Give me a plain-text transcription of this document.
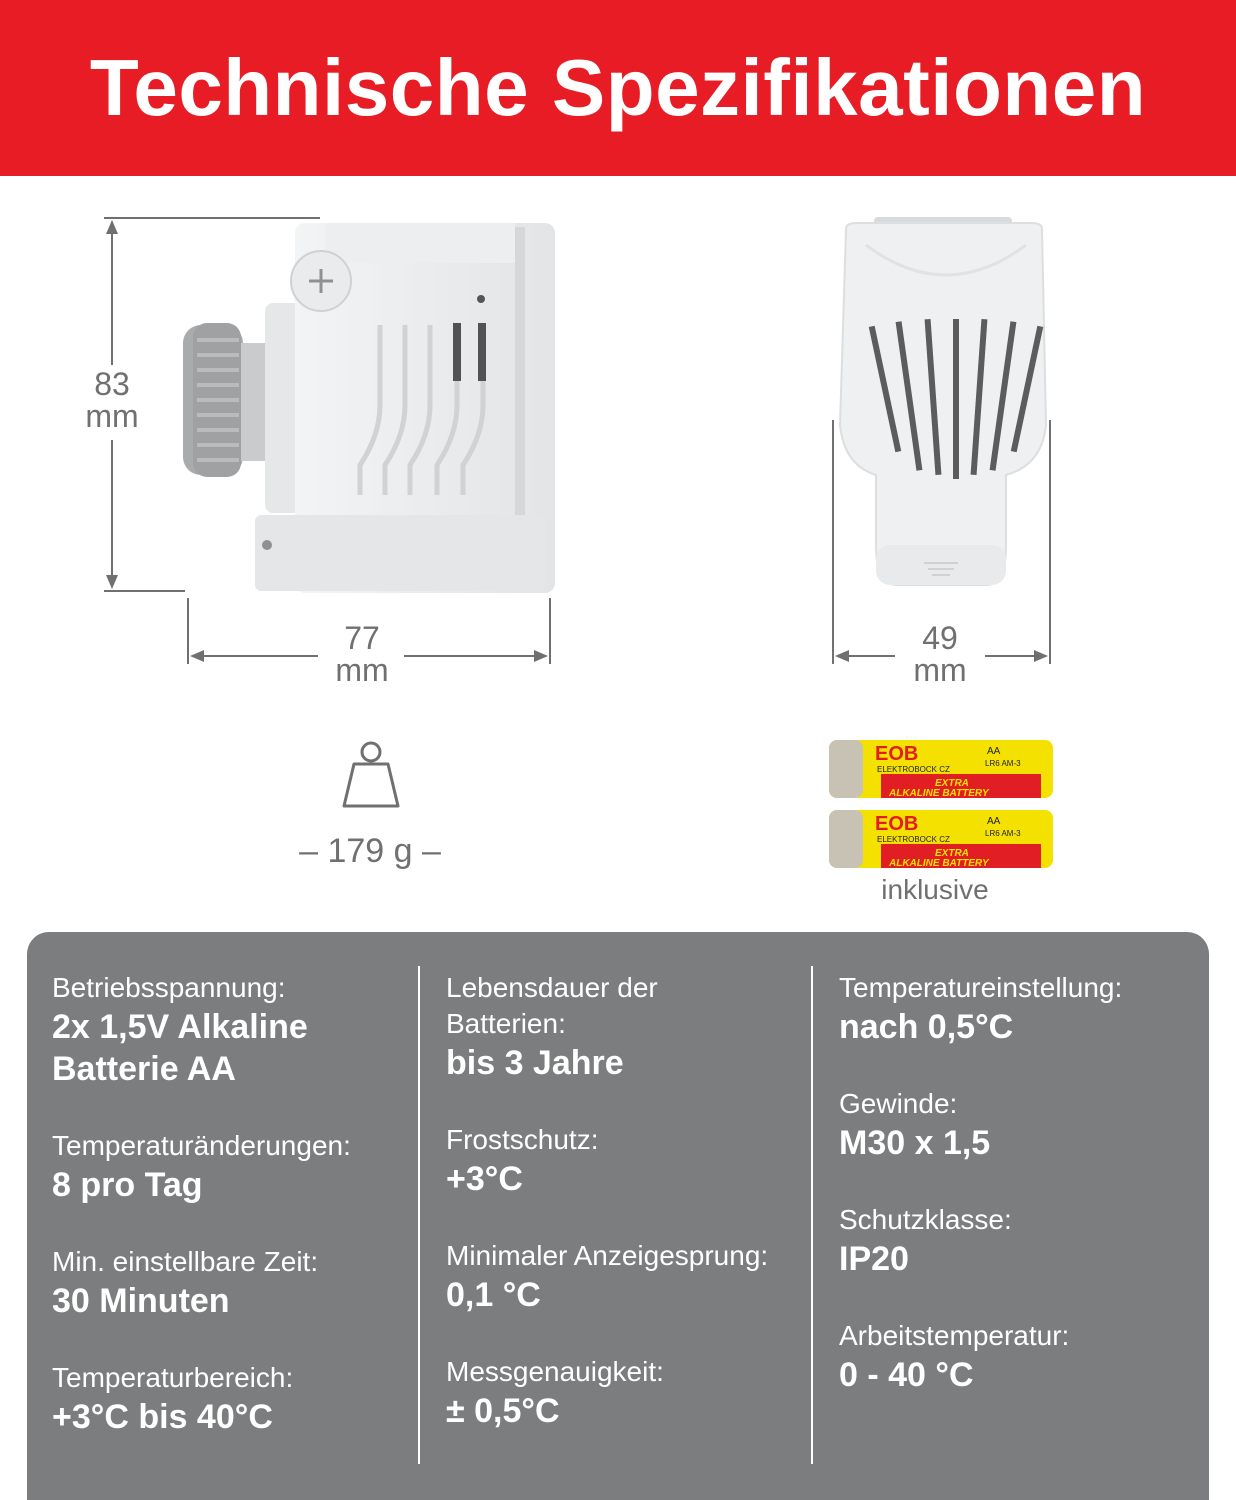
Technische Spezifikationen
83
mm
77
mm
49
mm
– 179 g –
EOB
ELEKTROBOCK CZ
EXTRA
ALKALINE BATTERY
AA
LR6 AM-3
EOB
ELEKTROBOCK CZ
EXTRA
ALKALINE BATTERY
AA
LR6 AM-3
inklusive
Betriebsspannung:
2x 1,5V Alkaline
Batterie AA
Temperaturänderungen:
8 pro Tag
Min. einstellbare Zeit:
30 Minuten
Temperaturbereich:
+3°C bis 40°C
Lebensdauer der
Batterien:
bis 3 Jahre
Frostschutz:
+3°C
Minimaler Anzeigesprung:
0,1 °C
Messgenauigkeit:
± 0,5°C
Temperatureinstellung:
nach 0,5°C
Gewinde:
M30 x 1,5
Schutzklasse:
IP20
Arbeitstemperatur:
0 - 40 °C
